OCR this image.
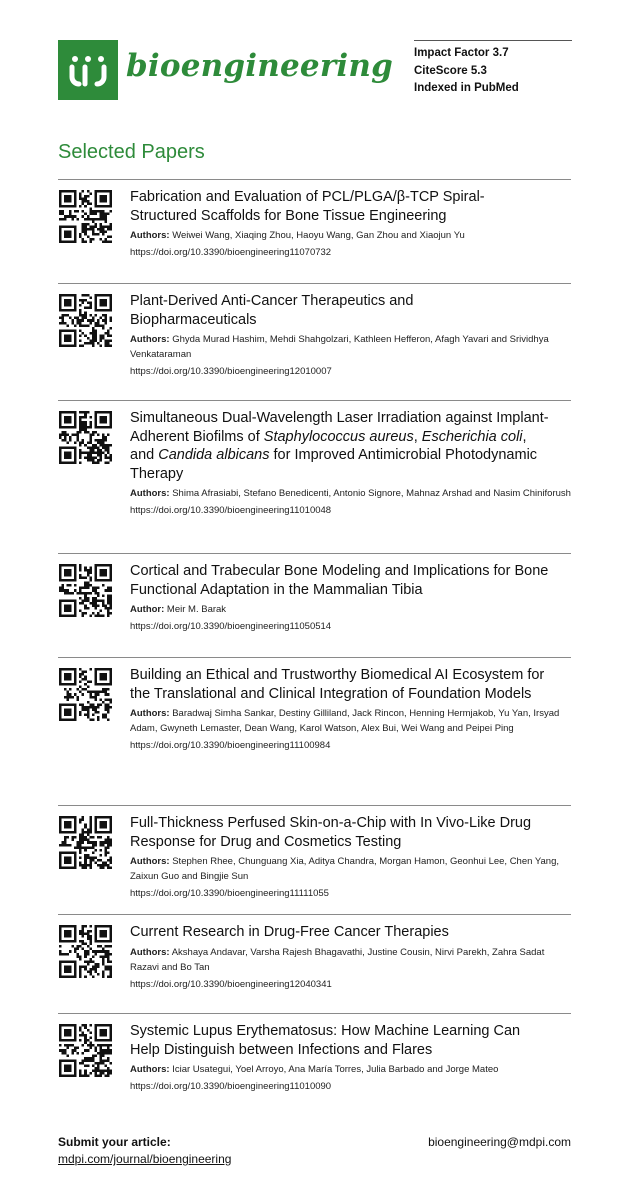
bioengineering Impact Factor 3.7
CiteScore 5.3
Indexed in PubMed
Selected Papers
Fabrication and Evaluation of PCL/PLGA/β-TCP Spiral-Structured Scaffolds for Bone Tissue Engineering
Authors: Weiwei Wang, Xiaqing Zhou, Haoyu Wang, Gan Zhou and Xiaojun Yu
https://doi.org/10.3390/bioengineering11070732
Plant-Derived Anti-Cancer Therapeutics and Biopharmaceuticals
Authors: Ghyda Murad Hashim, Mehdi Shahgolzari, Kathleen Hefferon, Afagh Yavari and Srividhya Venkataraman
https://doi.org/10.3390/bioengineering12010007
Simultaneous Dual-Wavelength Laser Irradiation against Implant-Adherent Biofilms of Staphylococcus aureus, Escherichia coli, and Candida albicans for Improved Antimicrobial Photodynamic Therapy
Authors: Shima Afrasiabi, Stefano Benedicenti, Antonio Signore, Mahnaz Arshad and Nasim Chiniforush
https://doi.org/10.3390/bioengineering11010048
Cortical and Trabecular Bone Modeling and Implications for Bone Functional Adaptation in the Mammalian Tibia
Author: Meir M. Barak
https://doi.org/10.3390/bioengineering11050514
Building an Ethical and Trustworthy Biomedical AI Ecosystem for the Translational and Clinical Integration of Foundation Models
Authors: Baradwaj Simha Sankar, Destiny Gilliland, Jack Rincon, Henning Hermjakob, Yu Yan, Irsyad Adam, Gwyneth Lemaster, Dean Wang, Karol Watson, Alex Bui, Wei Wang and Peipei Ping
https://doi.org/10.3390/bioengineering11100984
Full-Thickness Perfused Skin-on-a-Chip with In Vivo-Like Drug Response for Drug and Cosmetics Testing
Authors: Stephen Rhee, Chunguang Xia, Aditya Chandra, Morgan Hamon, Geonhui Lee, Chen Yang, Zaixun Guo and Bingjie Sun
https://doi.org/10.3390/bioengineering11111055
Current Research in Drug-Free Cancer Therapies
Authors: Akshaya Andavar, Varsha Rajesh Bhagavathi, Justine Cousin, Nirvi Parekh, Zahra Sadat Razavi and Bo Tan
https://doi.org/10.3390/bioengineering12040341
Systemic Lupus Erythematosus: How Machine Learning Can Help Distinguish between Infections and Flares
Authors: Iciar Usategui, Yoel Arroyo, Ana María Torres, Julia Barbado and Jorge Mateo
https://doi.org/10.3390/bioengineering11010090
Submit your article:
mdpi.com/journal/bioengineering
bioengineering@mdpi.com
